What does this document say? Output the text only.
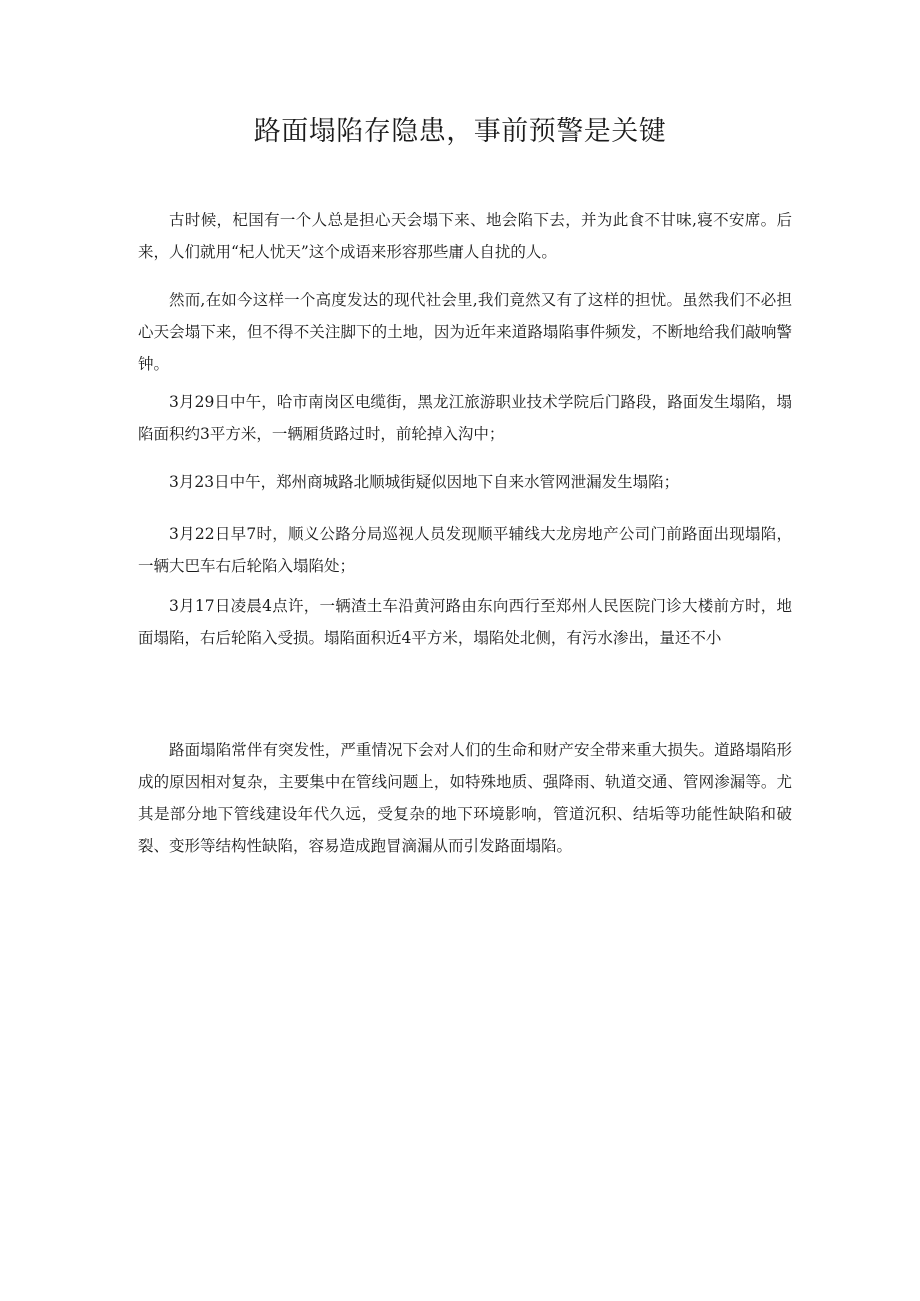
路面塌陷存隐患，事前预警是关键

古时候，杞国有一个人总是担心天会塌下来、地会陷下去，并为此食不甘味,寝不安席。后来，人们就用“杞人忧天”这个成语来形容那些庸人自扰的人。

然而,在如今这样一个高度发达的现代社会里,我们竟然又有了这样的担忧。虽然我们不必担心天会塌下来，但不得不关注脚下的土地，因为近年来道路塌陷事件频发，不断地给我们敲响警钟。

3月29日中午，哈市南岗区电缆街，黑龙江旅游职业技术学院后门路段，路面发生塌陷，塌陷面积约3平方米，一辆厢货路过时，前轮掉入沟中；

3月23日中午，郑州商城路北顺城街疑似因地下自来水管网泄漏发生塌陷；

3月22日早7时，顺义公路分局巡视人员发现顺平辅线大龙房地产公司门前路面出现塌陷，一辆大巴车右后轮陷入塌陷处；

3月17日凌晨4点许，一辆渣土车沿黄河路由东向西行至郑州人民医院门诊大楼前方时，地面塌陷，右后轮陷入受损。塌陷面积近4平方米，塌陷处北侧，有污水渗出，量还不小

路面塌陷常伴有突发性，严重情况下会对人们的生命和财产安全带来重大损失。道路塌陷形成的原因相对复杂，主要集中在管线问题上，如特殊地质、强降雨、轨道交通、管网渗漏等。尤其是部分地下管线建设年代久远，受复杂的地下环境影响，管道沉积、结垢等功能性缺陷和破裂、变形等结构性缺陷，容易造成跑冒滴漏从而引发路面塌陷。
